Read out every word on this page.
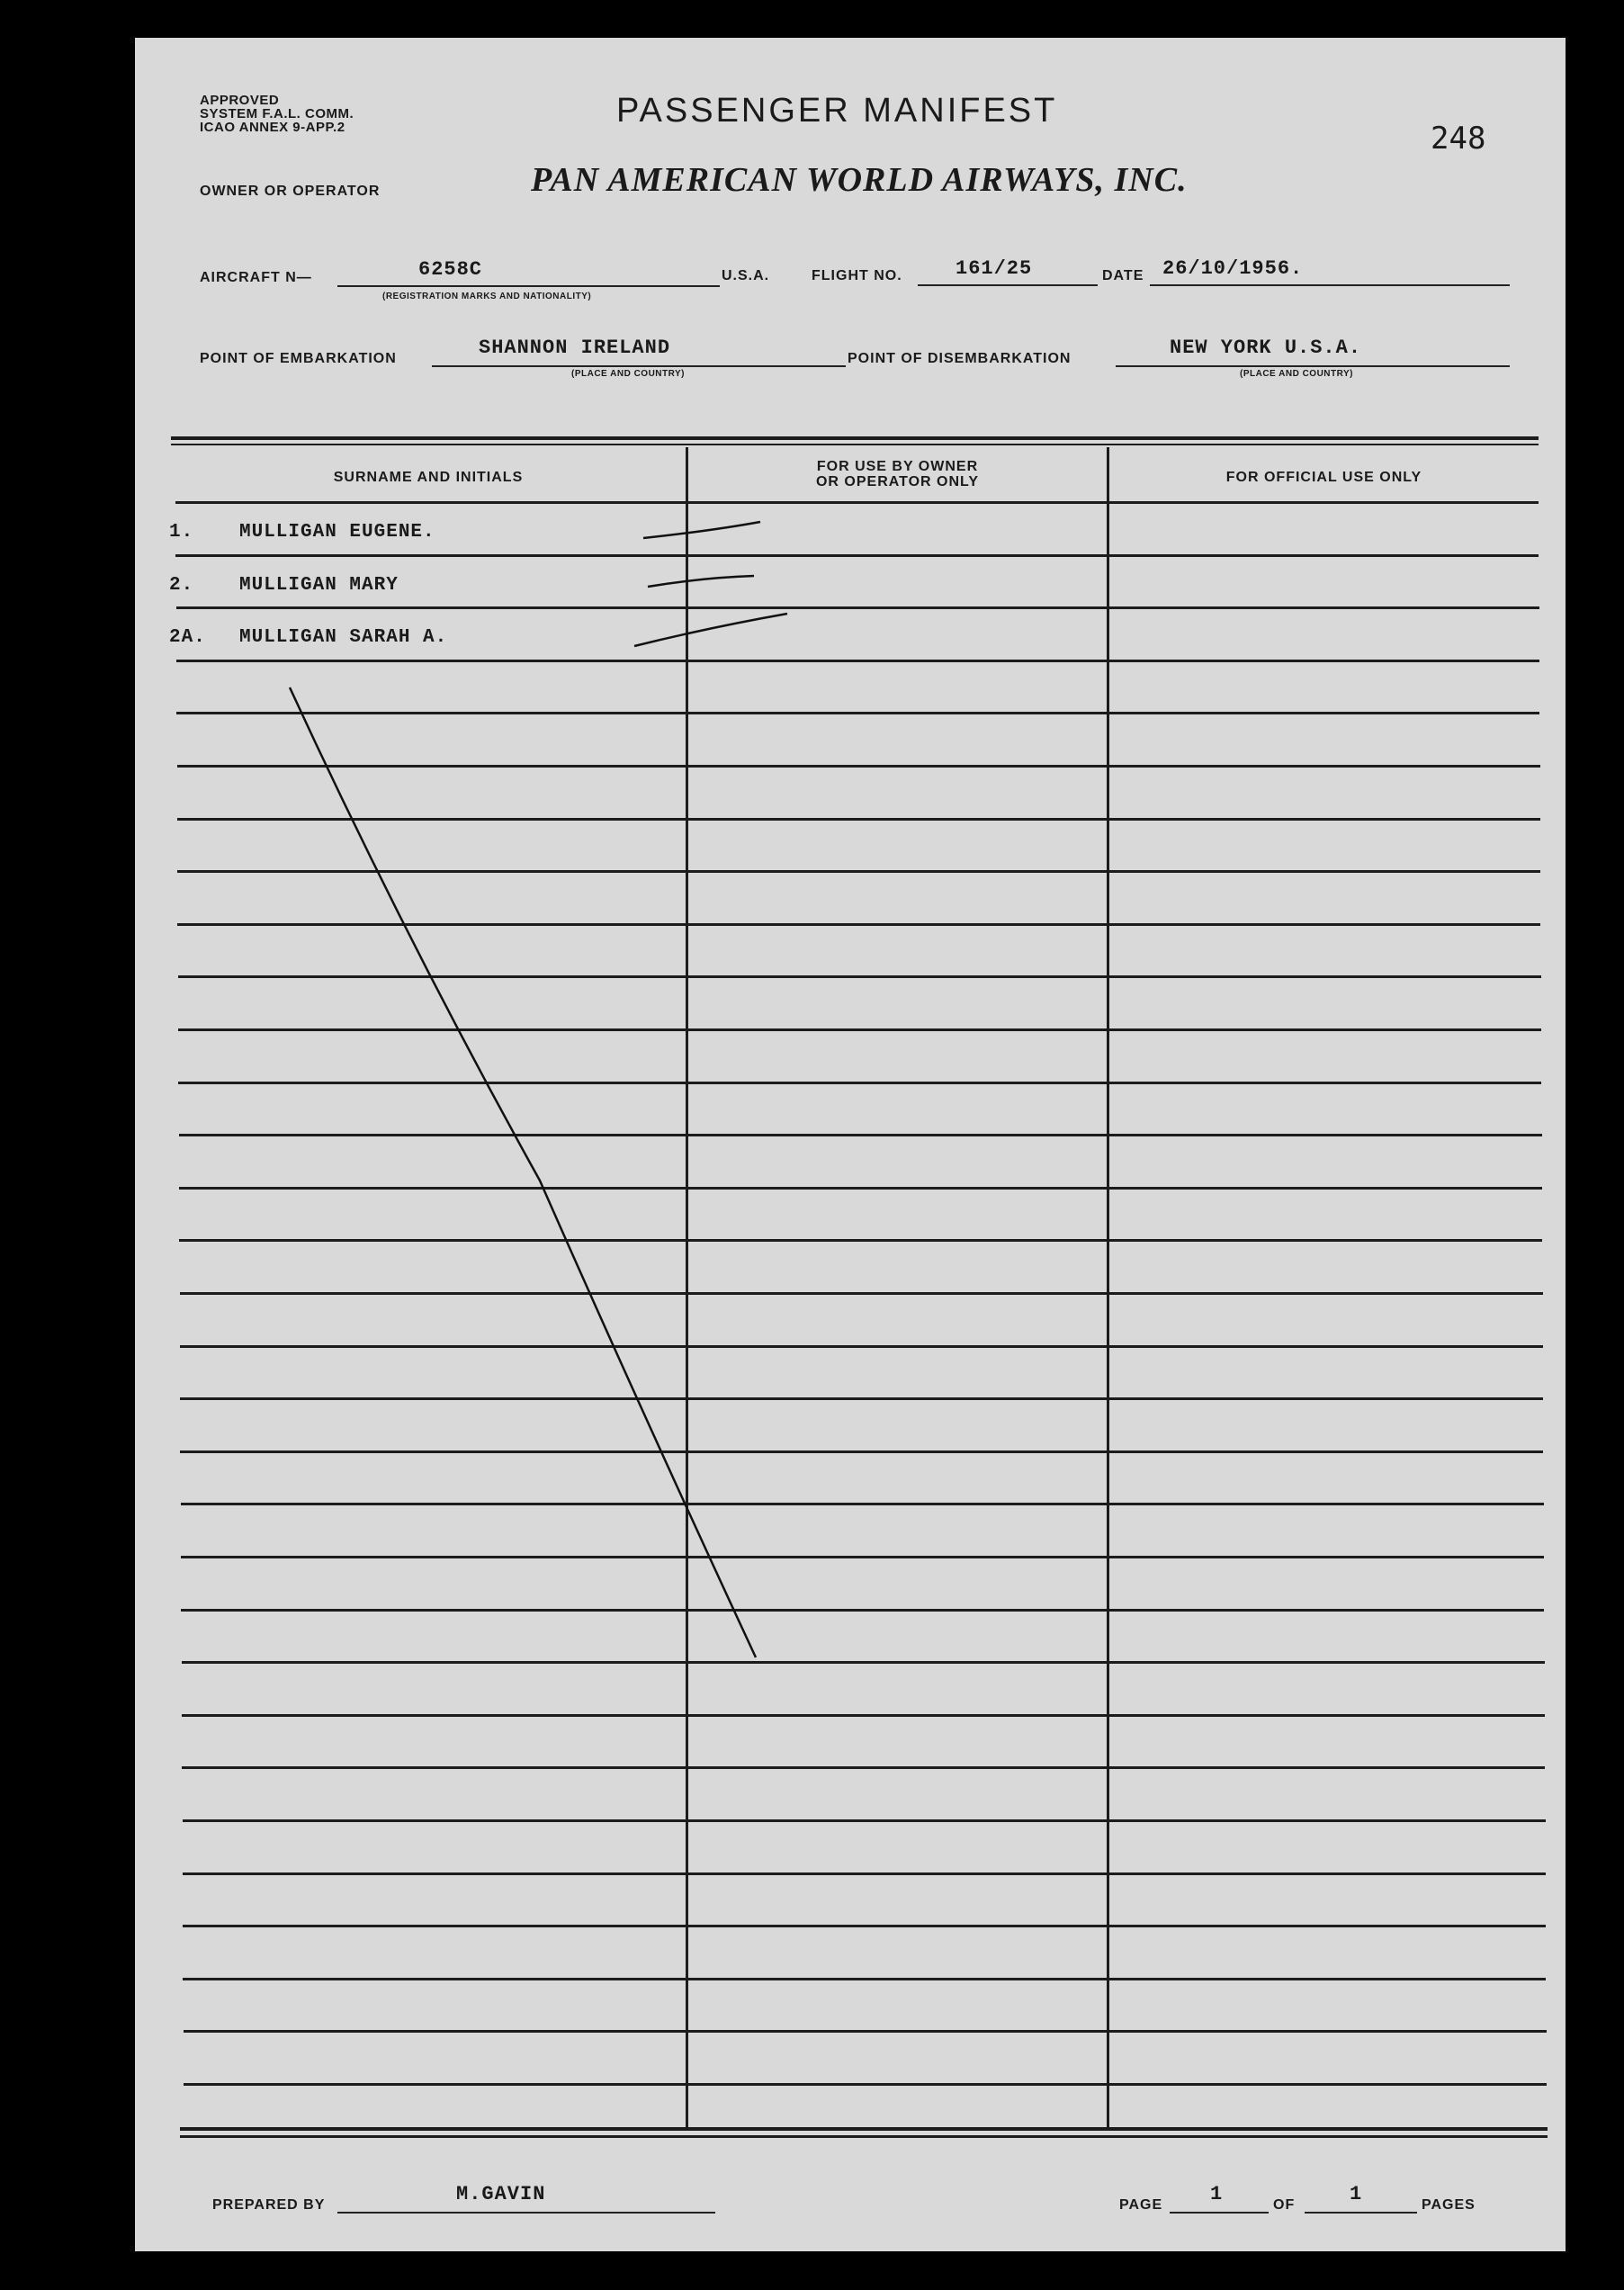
APPROVED
SYSTEM F.A.L. COMM.
ICAO ANNEX 9-APP.2
OWNER OR OPERATOR
PASSENGER MANIFEST
PAN AMERICAN WORLD AIRWAYS, INC.
248
AIRCRAFT N—	6258C
(REGISTRATION MARKS AND NATIONALITY)
U.S.A.	FLIGHT NO.	161/25	DATE 26/10/1956.
POINT OF EMBARKATION	SHANNON IRELAND
(PLACE AND COUNTRY)
POINT OF DISEMBARKATION	NEW YORK U.S.A.
(PLACE AND COUNTRY)
SURNAME AND INITIALS
FOR USE BY OWNER
OR OPERATOR ONLY	FOR OFFICIAL USE ONLY
1. MULLIGAN EUGENE.
2. MULLIGAN MARY
2A. MULLIGAN SARAH A.
PREPARED BY	M.GAVIN	PAGE 1	OF	1	PAGES
